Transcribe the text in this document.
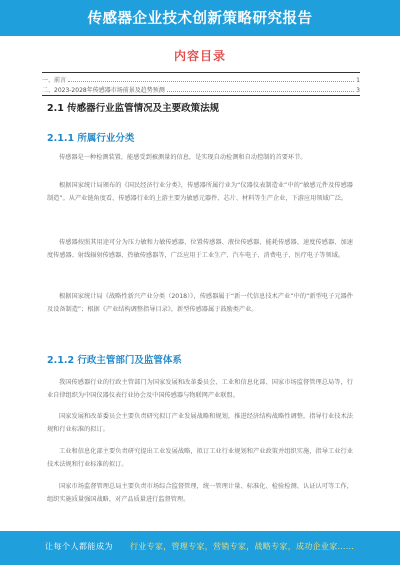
传感器企业技术创新策略研究报告
内容目录
一、前言	1
二、2023-2028年传感器市场前景及趋势预测	3
2.1 传感器行业监管情况及主要政策法规
2.1.1 所属行业分类
传感器是一种检测装置，能感受到被测量的信息，是实现自动检测和自动控制的首要环节。
根据国家统计局颁布的《国民经济行业分类》，传感器所属行业为“仪器仪表制造业”中的“敏感元件及传感器制造”。从产业链角度看，传感器行业的上游主要为敏感元器件、芯片、材料等生产企业，下游应用领域广泛。
传感器按照其用途可分为压力敏和力敏传感器、位置传感器、液位传感器、能耗传感器、速度传感器、加速度传感器、射线辐射传感器、热敏传感器等，广泛应用于工业生产、汽车电子、消费电子、医疗电子等领域。
根据国家统计局《战略性新兴产业分类（2018）》，传感器属于“新一代信息技术产业”中的“新型电子元器件及设备制造”；根据《产业结构调整指导目录》，新型传感器属于鼓励类产业。
2.1.2 行政主管部门及监管体系
我国传感器行业的行政主管部门为国家发展和改革委员会、工业和信息化部、国家市场监督管理总局等，行业自律组织为中国仪器仪表行业协会及中国传感器与物联网产业联盟。
国家发展和改革委员会主要负责研究拟订产业发展战略和规划，推进经济结构战略性调整，指导行业技术法规和行业标准的拟订。
工业和信息化部主要负责研究提出工业发展战略，拟订工业行业规划和产业政策并组织实施，指导工业行业技术法规和行业标准的拟订。
国家市场监督管理总局主要负责市场综合监督管理，统一管理计量、标准化、检验检测、认证认可等工作，组织实施质量强国战略，对产品质量进行监督管理。
让每个人都能成为 行业专家，管理专家，营销专家，战略专家，成功企业家……
